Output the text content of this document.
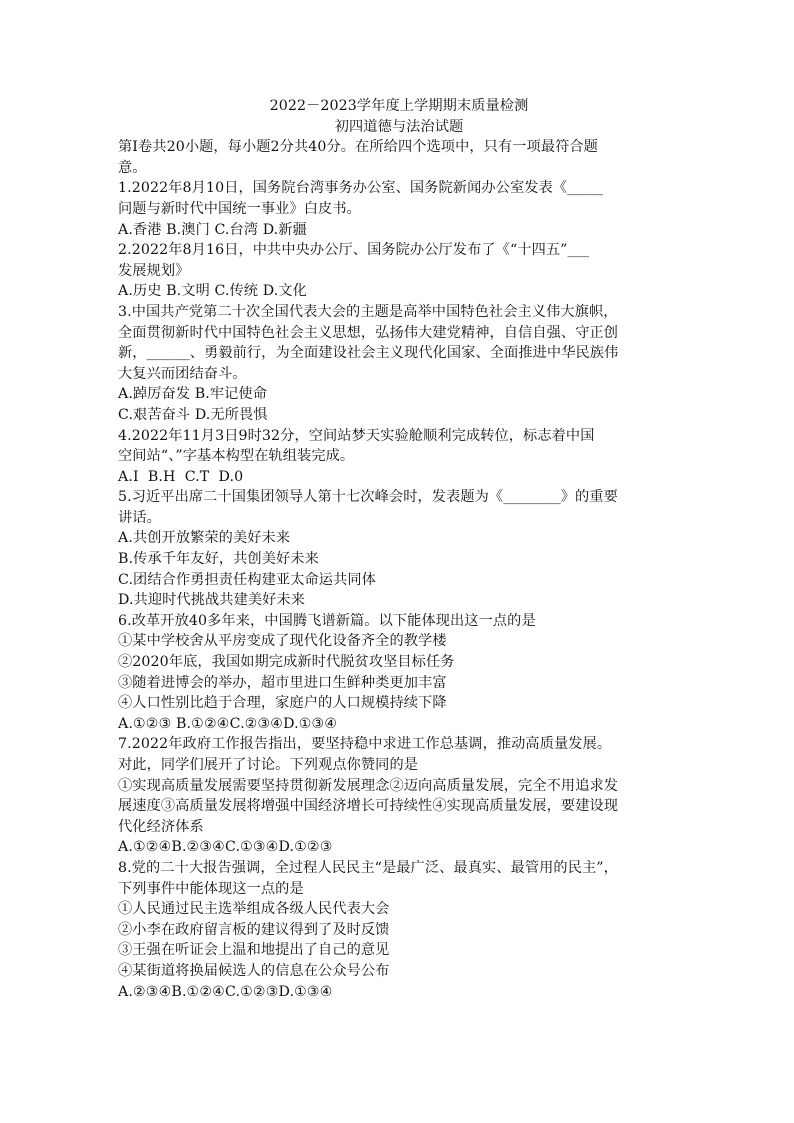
2022－2023学年度上学期期末质量检测

初四道德与法治试题

第Ⅰ卷共20小题，每小题2分共40分。在所给四个选项中，只有一项最符合题

意。

1.2022年8月10日，国务院台湾事务办公室、国务院新闻办公室发表《_____

问题与新时代中国统一事业》白皮书。

A.香港 B.澳门 C.台湾 D.新疆

2.2022年8月16日，中共中央办公厅、国务院办公厅发布了《“十四五”___

发展规划》

A.历史 B.文明 C.传统 D.文化

3.中国共产党第二十次全国代表大会的主题是高举中国特色社会主义伟大旗帜，

全面贯彻新时代中国特色社会主义思想，弘扬伟大建党精神，自信自强、守正创

新，______、勇毅前行，为全面建设社会主义现代化国家、全面推进中华民族伟

大复兴而团结奋斗。

A.踔厉奋发 B.牢记使命

C.艰苦奋斗 D.无所畏惧

4.2022年11月3日9时32分，空间站梦天实验舱顺利完成转位，标志着中国

空间站“、”字基本构型在轨组装完成。

A.I  B.H  C.T  D.0

5.习近平出席二十国集团领导人第十七次峰会时，发表题为《________》的重要

讲话。

A.共创开放繁荣的美好未来

B.传承千年友好，共创美好未来

C.团结合作勇担责任构建亚太命运共同体

D.共迎时代挑战共建美好未来

6.改革开放40多年来，中国腾飞谱新篇。以下能体现出这一点的是

①某中学校舍从平房变成了现代化设备齐全的教学楼

②2020年底，我国如期完成新时代脱贫攻坚目标任务

③随着进博会的举办，超市里进口生鲜种类更加丰富

④人口性别比趋于合理，家庭户的人口规模持续下降

A.①②③ B.①②④C.②③④D.①③④

7.2022年政府工作报告指出，要坚持稳中求进工作总基调，推动高质量发展。

对此，同学们展开了讨论。下列观点你赞同的是

①实现高质量发展需要坚持贯彻新发展理念②迈向高质量发展，完全不用追求发

展速度③高质量发展将增强中国经济增长可持续性④实现高质量发展，要建设现

代化经济体系

A.①②④B.②③④C.①③④D.①②③

8.党的二十大报告强调，全过程人民民主“是最广泛、最真实、最管用的民主”，

下列事件中能体现这一点的是

①人民通过民主选举组成各级人民代表大会

②小李在政府留言板的建议得到了及时反馈

③王强在听证会上温和地提出了自己的意见

④某街道将换届候选人的信息在公众号公布

A.②③④B.①②④C.①②③D.①③④
